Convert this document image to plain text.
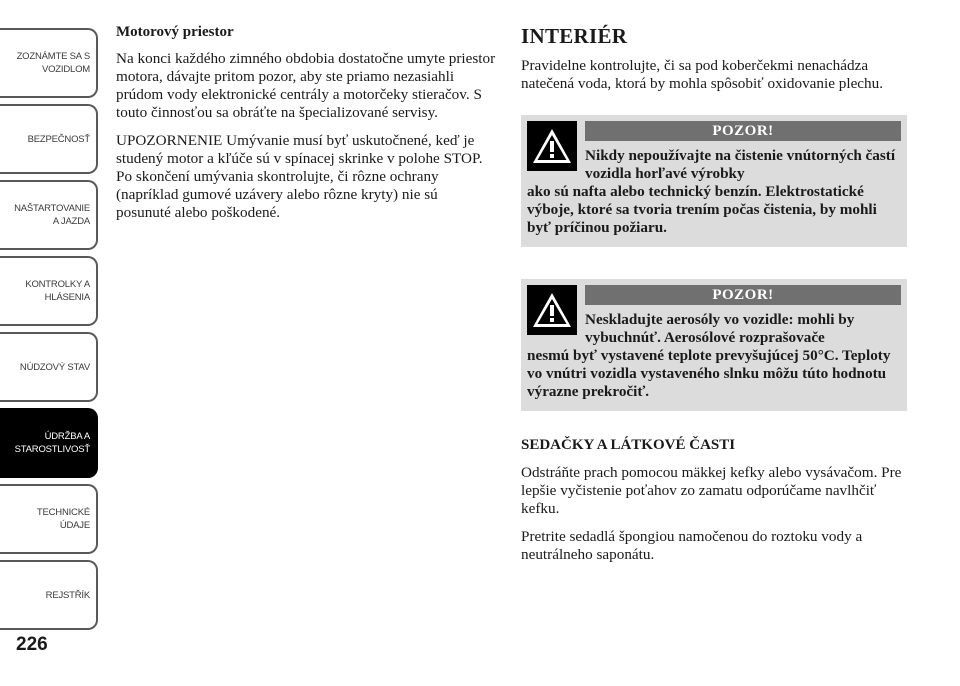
ZOZNÁMTE SA S
VOZIDLOM
BEZPEČNOSŤ
NAŠTARTOVANIE
A JAZDA
KONTROLKY A
HLÁSENIA
NÚDZOVÝ STAV
ÚDRŽBA A
STAROSTLIVOSŤ
TECHNICKÉ
ÚDAJE
REJSTŘÍK
226
Motorový priestor

Na konci každého zimného obdobia dostatočne umyte priestor motora, dávajte pritom pozor, aby ste priamo nezasiahli prúdom vody elektronické centrály a motorčeky stieračov. S touto činnosťou sa obráťte na špecializované servisy.

UPOZORNENIE Umývanie musí byť uskutočnené, keď je studený motor a kľúče sú v spínacej skrinke v polohe STOP. Po skončení umývania skontrolujte, či rôzne ochrany (napríklad gumové uzávery alebo rôzne kryty) nie sú posunuté alebo poškodené.

INTERIÉR

Pravidelne kontrolujte, či sa pod koberčekmi nenachádza natečená voda, ktorá by mohla spôsobiť oxidovanie plechu.

POZOR!
Nikdy nepoužívajte na čistenie vnútorných častí vozidla horľavé výrobky
ako sú nafta alebo technický benzín. Elektrostatické výboje, ktoré sa tvoria trením počas čistenia, by mohli byť príčinou požiaru.
POZOR!
Neskladujte aerosóly vo vozidle: mohli by vybuchnúť. Aerosólové rozprašovače
nesmú byť vystavené teplote prevyšujúcej 50°C. Teploty vo vnútri vozidla vystaveného slnku môžu túto hodnotu výrazne prekročiť.
SEDAČKY A LÁTKOVÉ ČASTI

Odstráňte prach pomocou mäkkej kefky alebo vysávačom. Pre lepšie vyčistenie poťahov zo zamatu odporúčame navlhčiť kefku.

Pretrite sedadlá špongiou namočenou do roztoku vody a neutrálneho saponátu.
